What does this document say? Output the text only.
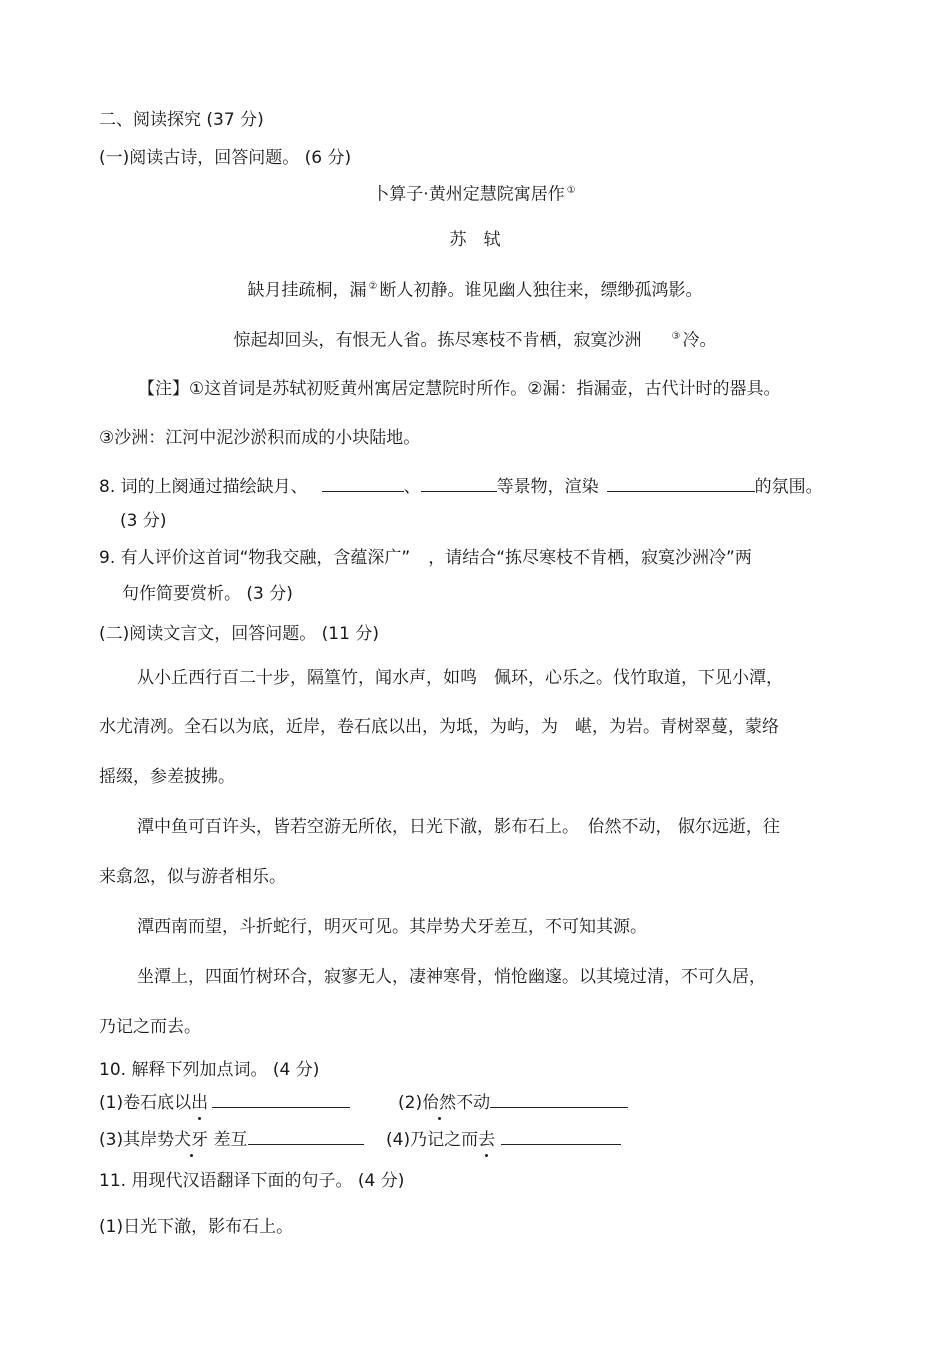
二、阅读探究 (37 分)
(一)阅读古诗，回答问题。 (6 分)
卜算子·黄州定慧院寓居作 ①
苏　轼
缺月挂疏桐，漏 ② 断人初静。谁见幽人独往来，缥缈孤鸿影。
惊起却回头，有恨无人省。拣尽寒枝不肯栖，寂寞沙洲	③ 冷。
【注】①这首词是苏轼初贬黄州寓居定慧院时所作。②漏：指漏壶，古代计时的器具。
③沙洲：江河中泥沙淤积而成的小块陆地。
8. 词的上阕通过描绘缺月、	、	等景物，渲染	的氛围。
(3 分)
9. 有人评价这首词“物我交融，含蕴深广” ，请结合“拣尽寒枝不肯栖，寂寞沙洲冷”两
句作简要赏析。 (3 分)
(二)阅读文言文，回答问题。 (11 分)
从小丘西行百二十步，隔篁竹，闻水声，如鸣　佩环，心乐之。伐竹取道，下见小潭，
水尤清冽。全石以为底，近岸，卷石底以出，为坻，为屿，为　嵁，为岩。青树翠蔓，蒙络
摇缀，参差披拂。
潭中鱼可百许头，皆若空游无所依，日光下澈，影布石上。　佁然不动， 俶尔远逝，往
来翕忽，似与游者相乐。
潭西南而望，斗折蛇行，明灭可见。其岸势犬牙差互，不可知其源。
坐潭上，四面竹树环合，寂寥无人，凄神寒骨，悄怆幽邃。以其境过清，不可久居，
乃记之而去。
10. 解释下列加点词。 (4 分)
(1)卷石底以出	(2)佁然不动
(3)其岸势犬牙 差互	(4)乃记之而去
11. 用现代汉语翻译下面的句子。 (4 分)
(1)日光下澈，影布石上。
